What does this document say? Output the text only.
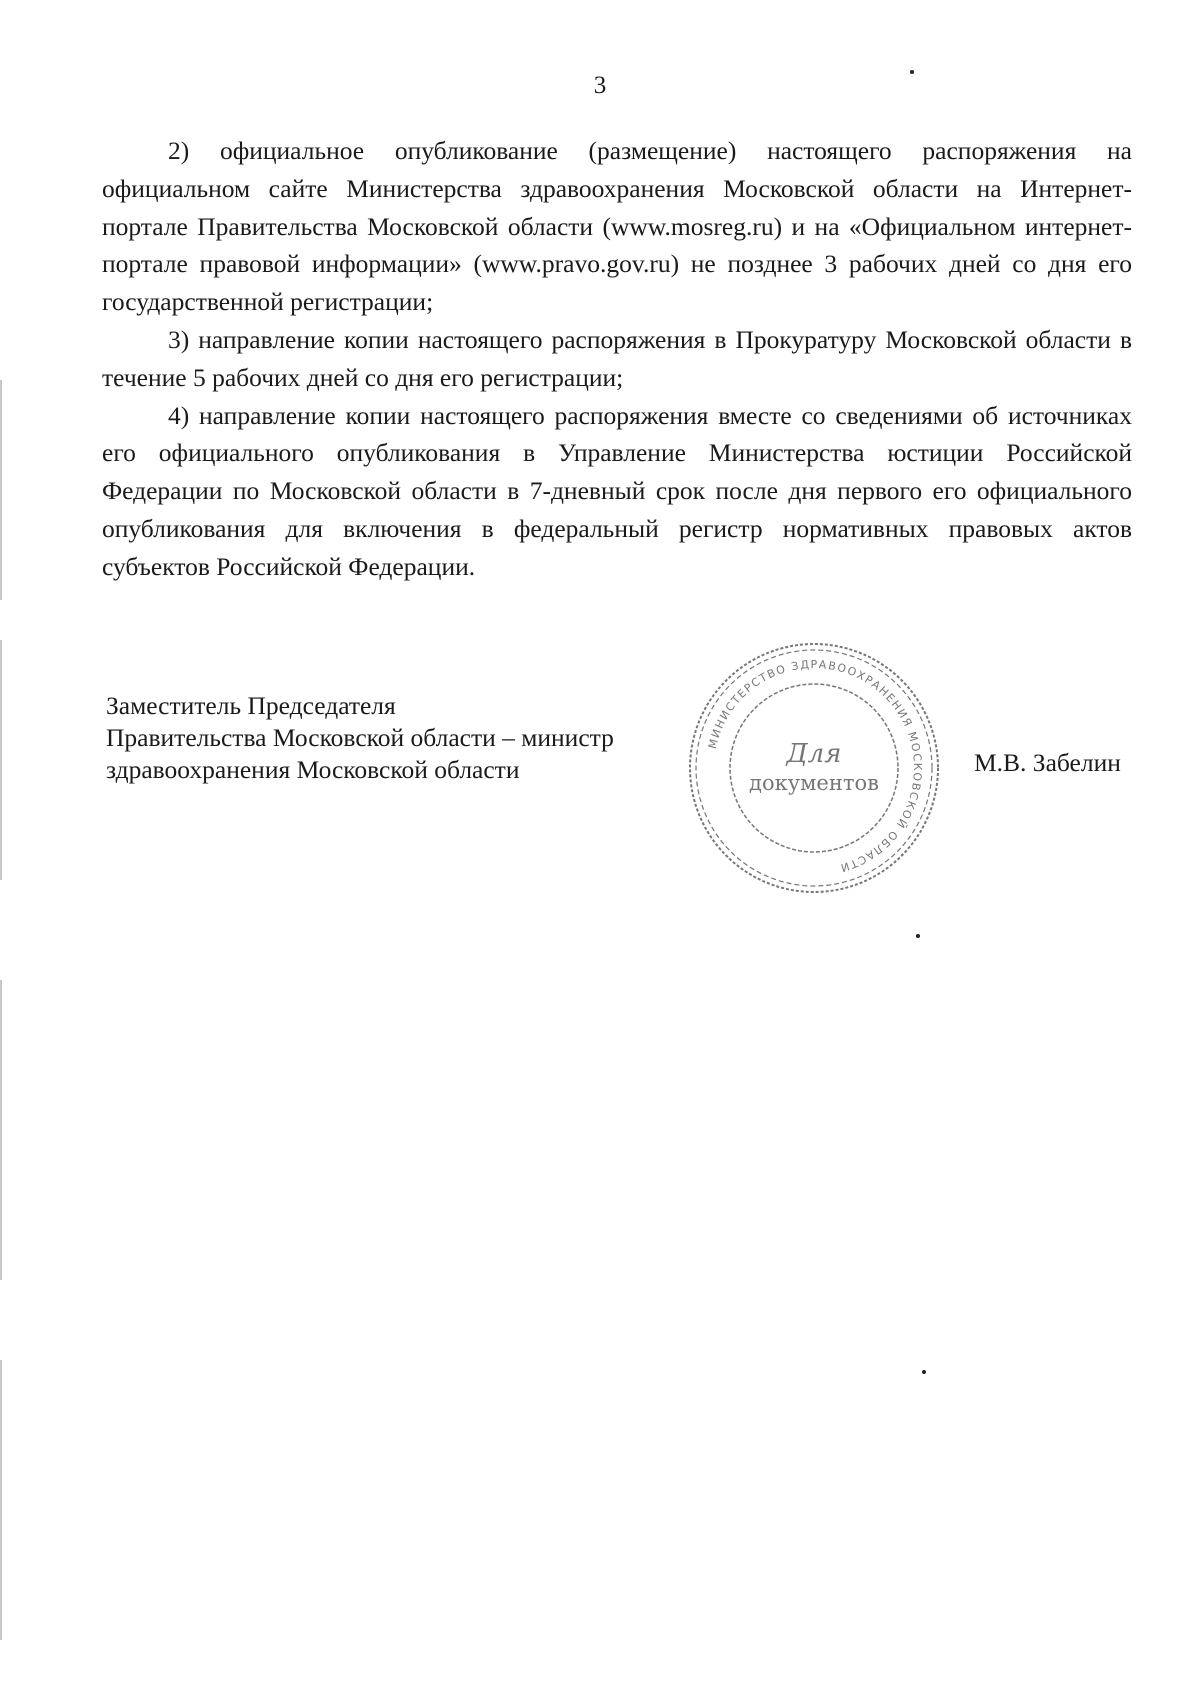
3

2) официальное опубликование (размещение) настоящего распоряжения на официальном сайте Министерства здравоохранения Московской области на Интернет-портале Правительства Московской области (www.mosreg.ru) и на «Официальном интернет-портале правовой информации» (www.pravo.gov.ru) не позднее 3 рабочих дней со дня его государственной регистрации;

3) направление копии настоящего распоряжения в Прокуратуру Московской области в течение 5 рабочих дней со дня его регистрации;

4) направление копии настоящего распоряжения вместе со сведениями об источниках его официального опубликования в Управление Министерства юстиции Российской Федерации по Московской области в 7-дневный срок после дня первого его официального опубликования для включения в федеральный регистр нормативных правовых актов субъектов Российской Федерации.

Заместитель Председателя
Правительства Московской области – министр
здравоохранения Московской области
МИНИСТЕРСТВО ЗДРАВООХРАНЕНИЯ МОСКОВСКОЙ ОБЛАСТИ
Для
документов
М.В. Забелин
